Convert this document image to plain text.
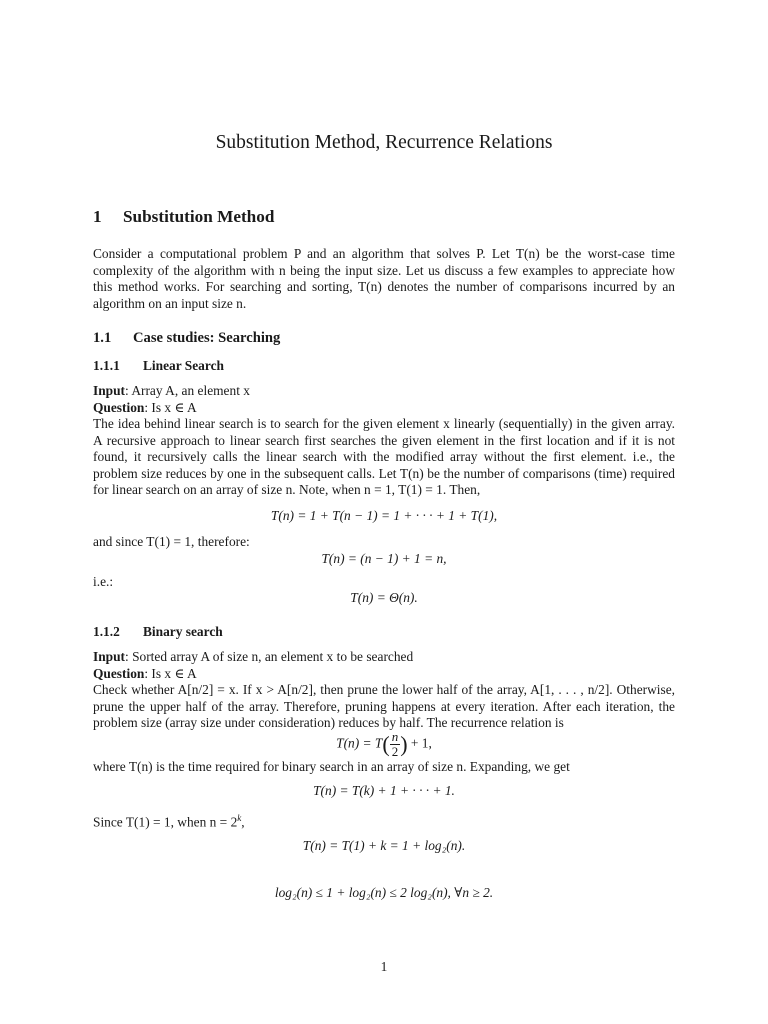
Substitution Method, Recurrence Relations
1 Substitution Method

Consider a computational problem P and an algorithm that solves P. Let T(n) be the worst-case time complexity of the algorithm with n being the input size. Let us discuss a few examples to appreciate how this method works. For searching and sorting, T(n) denotes the number of comparisons incurred by an algorithm on an input size n.

1.1 Case studies: Searching
1.1.1 Linear Search

Input: Array A, an element x

Question: Is x ∈ A

The idea behind linear search is to search for the given element x linearly (sequentially) in the given array. A recursive approach to linear search first searches the given element in the first location and if it is not found, it recursively calls the linear search with the modified array without the first element. i.e., the problem size reduces by one in the subsequent calls. Let T(n) be the number of comparisons (time) required for linear search on an array of size n. Note, when n = 1, T(1) = 1. Then,

T(n) = 1 + T(n − 1) = 1 + · · · + 1 + T(1),

and since T(1) = 1, therefore:

T(n) = (n − 1) + 1 = n,

i.e.:

T(n) = Θ(n).

1.1.2 Binary search

Input: Sorted array A of size n, an element x to be searched

Question: Is x ∈ A

Check whether A[n/2] = x. If x > A[n/2], then prune the lower half of the array, A[1, . . . , n/2]. Otherwise, prune the upper half of the array. Therefore, pruning happens at every iteration. After each iteration, the problem size (array size under consideration) reduces by half. The recurrence relation is

$T(n) = T( \frac{n}{2}$ ) + 1,

where T(n) is the time required for binary search in an array of size n. Expanding, we get

T(n) = T(k) + 1 + · · · + 1.

Since T(1) = 1, when $n = 2^k$,

T(n) = T(1) + k = 1 + log₂(n).

log₂(n) ≤ 1 + log₂(n) ≤ 2 log₂(n), ∀n ≥ 2.

1
